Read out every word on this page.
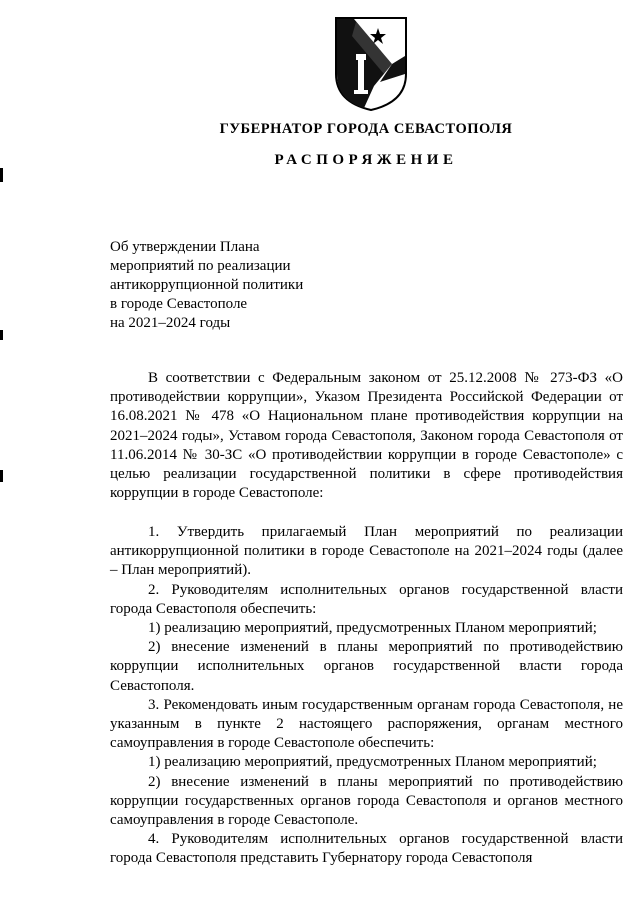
ГУБЕРНАТОР ГОРОДА СЕВАСТОПОЛЯ
РАСПОРЯЖЕНИЕ
Об утверждении Плана
мероприятий по реализации
антикоррупционной политики
в городе Севастополе
на 2021–2024 годы

В соответствии с Федеральным законом от 25.12.2008 № 273-ФЗ «О противодействии коррупции», Указом Президента Российской Федерации от 16.08.2021 № 478 «О Национальном плане противодействия коррупции на 2021–2024 годы», Уставом города Севастополя, Законом города Севастополя от 11.06.2014 № 30-ЗС «О противодействии коррупции в городе Севастополе» с целью реализации государственной политики в сфере противодействия коррупции в городе Севастополе:

1. Утвердить прилагаемый План мероприятий по реализации антикоррупционной политики в городе Севастополе на 2021–2024 годы (далее – План мероприятий).

2. Руководителям исполнительных органов государственной власти города Севастополя обеспечить:

1) реализацию мероприятий, предусмотренных Планом мероприятий;

2) внесение изменений в планы мероприятий по противодействию коррупции исполнительных органов государственной власти города Севастополя.

3. Рекомендовать иным государственным органам города Севастополя, не указанным в пункте 2 настоящего распоряжения, органам местного самоуправления в городе Севастополе обеспечить:

1) реализацию мероприятий, предусмотренных Планом мероприятий;

2) внесение изменений в планы мероприятий по противодействию коррупции государственных органов города Севастополя и органов местного самоуправления в городе Севастополе.

4. Руководителям исполнительных органов государственной власти города Севастополя представить Губернатору города Севастополя
